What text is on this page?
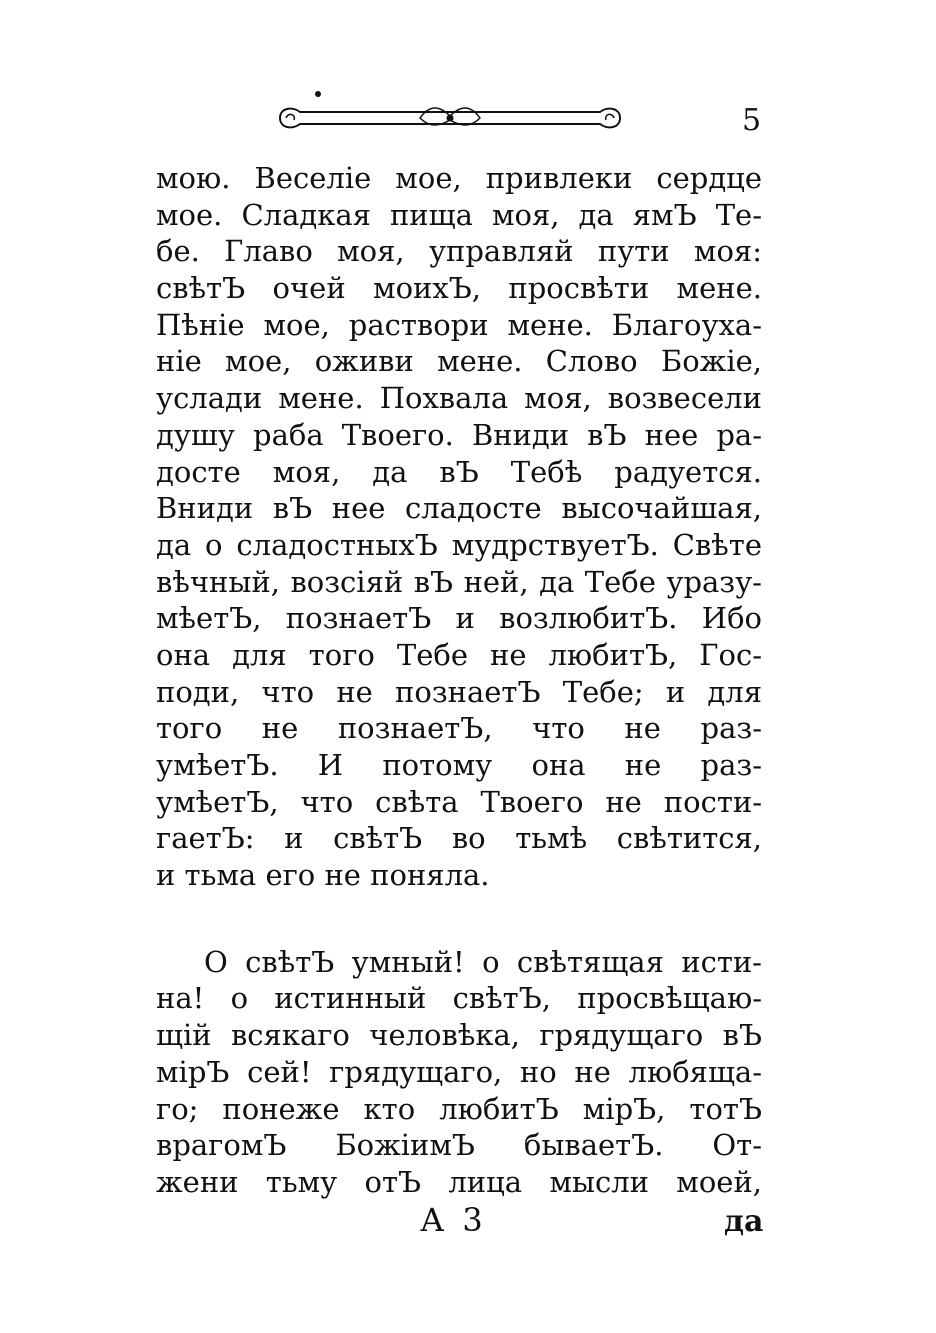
5
мою. Веселіе мое, привлеки сердце
мое. Сладкая пища моя, да ямЪ Те-
бе. Главо моя, управляй пути моя:
свѣтЪ очей моихЪ, просвѣти мене.
Пѣніе мое, раствори мене. Благоуха-
ніе мое, оживи мене. Слово Божіе,
услади мене. Похвала моя, возвесели
душу раба Твоего. Вниди вЪ нее ра-
досте моя, да вЪ Тебѣ радуется.
Вниди вЪ нее сладосте высочайшая,
да о сладостныхЪ мудрствуетЪ. Свѣте
вѣчный, возсіяй вЪ ней, да Тебе уразу-
мѣетЪ, познаетЪ и возлюбитЪ. Ибо
она для того Тебе не любитЪ, Гос-
поди, что не познаетЪ Тебе; и для
того не познаетЪ, что не раз-
умѣетЪ. И потому она не раз-
умѣетЪ, что свѣта Твоего не пости-
гаетЪ: и свѣтЪ во тьмѣ свѣтится,
и тьма его не поняла.
О свѣтЪ умный! о свѣтящая исти-
на! о истинный свѣтЪ, просвѣщаю-
щій всякаго человѣка, грядущаго вЪ
мірЪ сей! грядущаго, но не любяща-
го; понеже кто любитЪ мірЪ, тотЪ
врагомЪ БожіимЪ бываетЪ. От-
жени тьму отЪ лица мысли моей,
А 3	да
